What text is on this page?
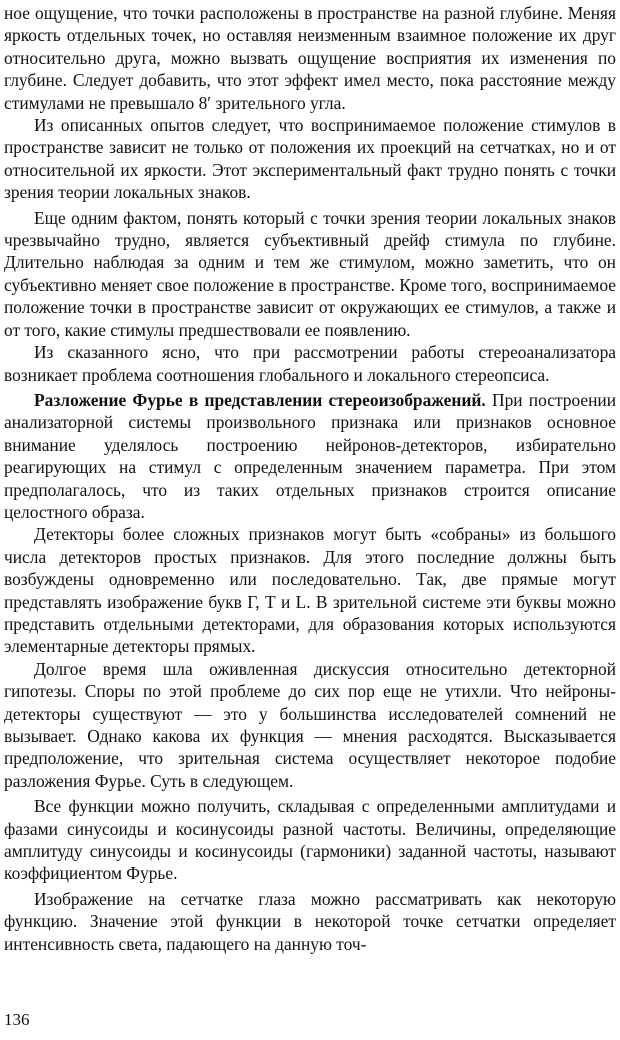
ное ощущение, что точки расположены в пространстве на разной глубине. Меняя яркость отдельных точек, но оставляя неизменным взаимное положение их друг относительно друга, можно вызвать ощущение восприятия их изменения по глубине. Следует добавить, что этот эффект имел место, пока расстояние между стимулами не превышало 8′ зрительного угла.

Из описанных опытов следует, что воспринимаемое положение стимулов в пространстве зависит не только от положения их проекций на сетчатках, но и от относительной их яркости. Этот экспериментальный факт трудно понять с точки зрения теории локальных знаков.

Еще одним фактом, понять который с точки зрения теории локальных знаков чрезвычайно трудно, является субъективный дрейф стимула по глубине. Длительно наблюдая за одним и тем же стимулом, можно заметить, что он субъективно меняет свое положение в пространстве. Кроме того, воспринимаемое положение точки в пространстве зависит от окружающих ее стимулов, а также и от того, какие стимулы предшествовали ее появлению.

Из сказанного ясно, что при рассмотрении работы стереоанализатора возникает проблема соотношения глобального и локального стереопсиса.

Разложение Фурье в представлении стереоизображений. При построении анализаторной системы произвольного признака или признаков основное внимание уделялось построению нейронов-детекторов, избирательно реагирующих на стимул с определенным значением параметра. При этом предполагалось, что из таких отдельных признаков строится описание целостного образа.

Детекторы более сложных признаков могут быть «собраны» из большого числа детекторов простых признаков. Для этого последние должны быть возбуждены одновременно или последовательно. Так, две прямые могут представлять изображение букв Г, Т и L. В зрительной системе эти буквы можно представить отдельными детекторами, для образования которых используются элементарные детекторы прямых.

Долгое время шла оживленная дискуссия относительно детекторной гипотезы. Споры по этой проблеме до сих пор еще не утихли. Что нейроны-детекторы существуют — это у большинства исследователей сомнений не вызывает. Однако какова их функция — мнения расходятся. Высказывается предположение, что зрительная система осуществляет некоторое подобие разложения Фурье. Суть в следующем.

Все функции можно получить, складывая с определенными амплитудами и фазами синусоиды и косинусоиды разной частоты. Величины, определяющие амплитуду синусоиды и косинусоиды (гармоники) заданной частоты, называют коэффициентом Фурье.

Изображение на сетчатке глаза можно рассматривать как некоторую функцию. Значение этой функции в некоторой точке сетчатки определяет интенсивность света, падающего на данную точ-

136
